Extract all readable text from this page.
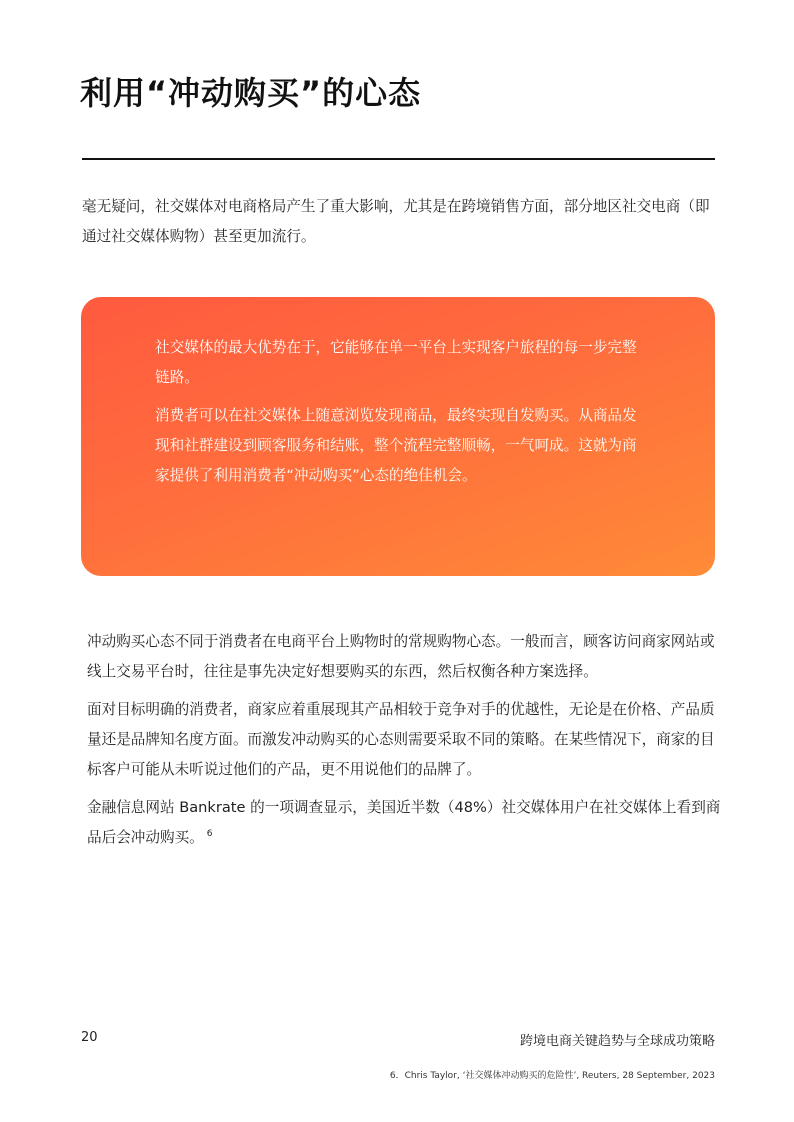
利用“冲动购买”的心态

毫无疑问，社交媒体对电商格局产生了重大影响，尤其是在跨境销售方面，部分地区社交电商（即通过社交媒体购物）甚至更加流行。

社交媒体的最大优势在于，它能够在单一平台上实现客户旅程的每一步完整链路。

消费者可以在社交媒体上随意浏览发现商品，最终实现自发购买。从商品发现和社群建设到顾客服务和结账，整个流程完整顺畅，一气呵成。这就为商家提供了利用消费者“冲动购买”心态的绝佳机会。

冲动购买心态不同于消费者在电商平台上购物时的常规购物心态。一般而言，顾客访问商家网站或线上交易平台时，往往是事先决定好想要购买的东西，然后权衡各种方案选择。

面对目标明确的消费者，商家应着重展现其产品相较于竞争对手的优越性，无论是在价格、产品质量还是品牌知名度方面。而激发冲动购买的心态则需要采取不同的策略。在某些情况下，商家的目标客户可能从未听说过他们的产品，更不用说他们的品牌了。

金融信息网站 Bankrate 的一项调查显示，美国近半数（48%）社交媒体用户在社交媒体上看到商品后会冲动购买。 $^6$

20	跨境电商关键趋势与全球成功策略
6．Chris Taylor, ‘社交媒体冲动购买的危险性’, Reuters, 28 September, 2023
